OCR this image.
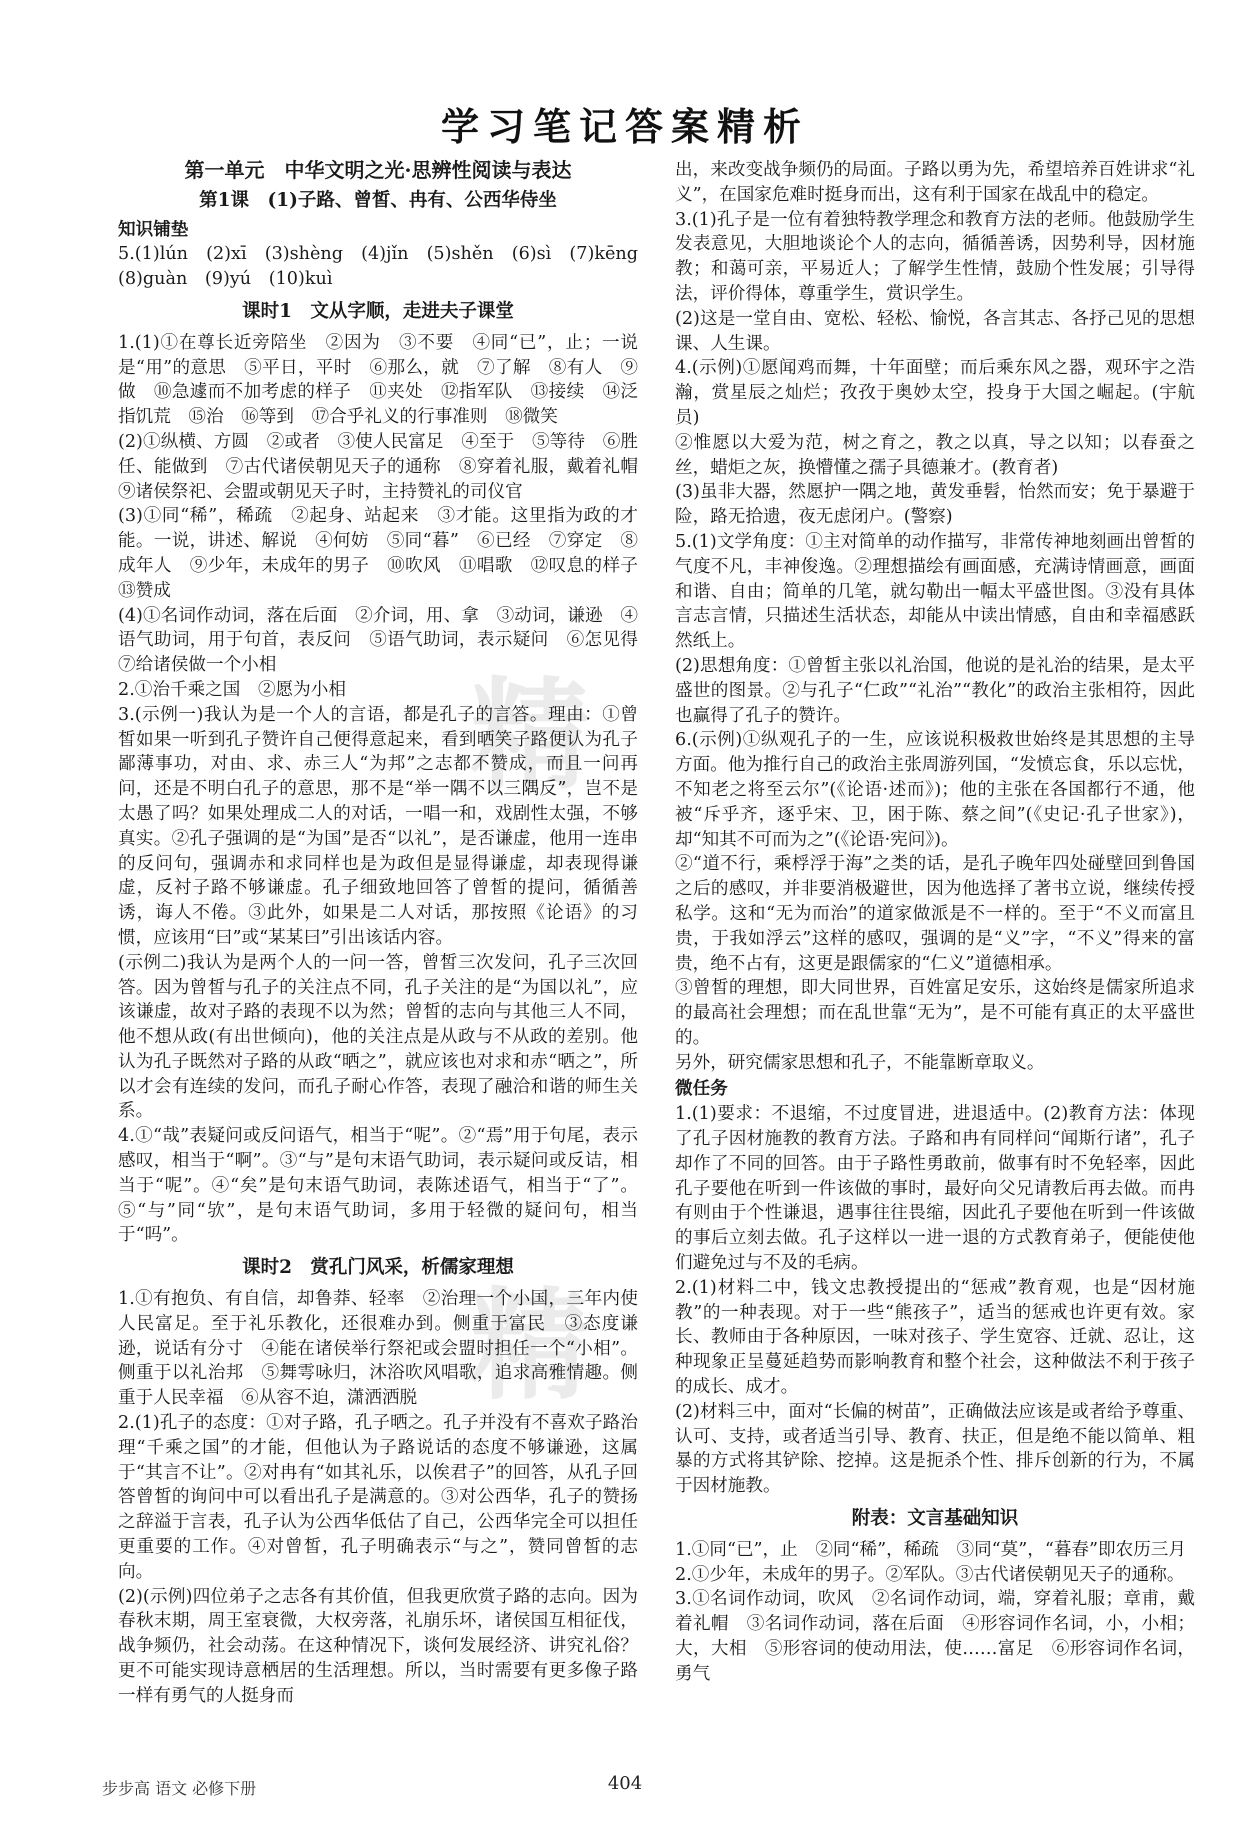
学习笔记答案精析
精
精
第一单元　中华文明之光·思辨性阅读与表达
第1课　(1)子路、曾皙、冉有、公西华侍坐
知识铺垫

5.(1)lún　(2)xī　(3)shèng　(4)jǐn　(5)shěn　(6)sì　(7)kēng　(8)guàn　(9)yú　(10)kuì

课时1　文从字顺，走进夫子课堂

1.(1)①在尊长近旁陪坐　②因为　③不要　④同“已”，止；一说是“用”的意思　⑤平日，平时　⑥那么，就　⑦了解　⑧有人　⑨做　⑩急遽而不加考虑的样子　⑪夹处　⑫指军队　⑬接续　⑭泛指饥荒　⑮治　⑯等到　⑰合乎礼义的行事准则　⑱微笑

(2)①纵横、方圆　②或者　③使人民富足　④至于　⑤等待　⑥胜任、能做到　⑦古代诸侯朝见天子的通称　⑧穿着礼服，戴着礼帽　⑨诸侯祭祀、会盟或朝见天子时，主持赞礼的司仪官

(3)①同“稀”，稀疏　②起身、站起来　③才能。这里指为政的才能。一说，讲述、解说　④何妨　⑤同“暮”　⑥已经　⑦穿定　⑧成年人　⑨少年，未成年的男子　⑩吹风　⑪唱歌　⑫叹息的样子　⑬赞成

(4)①名词作动词，落在后面　②介词，用、拿　③动词，谦逊　④语气助词，用于句首，表反问　⑤语气助词，表示疑问　⑥怎见得　⑦给诸侯做一个小相

2.①治千乘之国　②愿为小相

3.(示例一)我认为是一个人的言语，都是孔子的言答。理由：①曾皙如果一听到孔子赞许自己便得意起来，看到晒笑子路便认为孔子鄙薄事功，对由、求、赤三人“为邦”之志都不赞成，而且一问再问，还是不明白孔子的意思，那不是“举一隅不以三隅反”，岂不是太愚了吗？如果处理成二人的对话，一唱一和，戏剧性太强，不够真实。②孔子强调的是“为国”是否“以礼”，是否谦虚，他用一连串的反问句，强调赤和求同样也是为政但是显得谦虚，却表现得谦虚，反衬子路不够谦虚。孔子细致地回答了曾皙的提问，循循善诱，诲人不倦。③此外，如果是二人对话，那按照《论语》的习惯，应该用“曰”或“某某曰”引出该话内容。

(示例二)我认为是两个人的一问一答，曾皙三次发问，孔子三次回答。因为曾皙与孔子的关注点不同，孔子关注的是“为国以礼”，应该谦虚，故对子路的表现不以为然；曾皙的志向与其他三人不同，他不想从政(有出世倾向)，他的关注点是从政与不从政的差别。他认为孔子既然对子路的从政“晒之”，就应该也对求和赤“晒之”，所以才会有连续的发问，而孔子耐心作答，表现了融洽和谐的师生关系。

4.①“哉”表疑问或反问语气，相当于“呢”。②“焉”用于句尾，表示感叹，相当于“啊”。③“与”是句末语气助词，表示疑问或反诘，相当于“呢”。④“矣”是句末语气助词，表陈述语气，相当于“了”。⑤“与”同“欤”，是句末语气助词，多用于轻微的疑问句，相当于“吗”。

课时2　赏孔门风采，析儒家理想

1.①有抱负、有自信，却鲁莽、轻率　②治理一个小国，三年内使人民富足。至于礼乐教化，还很难办到。侧重于富民　③态度谦逊，说话有分寸　④能在诸侯举行祭祀或会盟时担任一个“小相”。侧重于以礼治邦　⑤舞雩咏归，沐浴吹风唱歌，追求高雅情趣。侧重于人民幸福　⑥从容不迫，潇洒洒脱

2.(1)孔子的态度：①对子路，孔子晒之。孔子并没有不喜欢子路治理“千乘之国”的才能，但他认为子路说话的态度不够谦逊，这属于“其言不让”。②对冉有“如其礼乐，以俟君子”的回答，从孔子回答曾皙的询问中可以看出孔子是满意的。③对公西华，孔子的赞扬之辞溢于言表，孔子认为公西华低估了自己，公西华完全可以担任更重要的工作。④对曾皙，孔子明确表示“与之”，赞同曾皙的志向。

(2)(示例)四位弟子之志各有其价值，但我更欣赏子路的志向。因为春秋末期，周王室衰微，大权旁落，礼崩乐坏，诸侯国互相征伐，战争频仍，社会动荡。在这种情况下，谈何发展经济、讲究礼俗？更不可能实现诗意栖居的生活理想。所以，当时需要有更多像子路一样有勇气的人挺身而

出，来改变战争频仍的局面。子路以勇为先，希望培养百姓讲求“礼义”，在国家危难时挺身而出，这有利于国家在战乱中的稳定。

3.(1)孔子是一位有着独特教学理念和教育方法的老师。他鼓励学生发表意见，大胆地谈论个人的志向，循循善诱，因势利导，因材施教；和蔼可亲，平易近人；了解学生性情，鼓励个性发展；引导得法，评价得体，尊重学生，赏识学生。

(2)这是一堂自由、宽松、轻松、愉悦，各言其志、各抒己见的思想课、人生课。

4.(示例)①愿闻鸡而舞，十年面壁；而后乘东风之器，观环宇之浩瀚，赏星辰之灿烂；孜孜于奥妙太空，投身于大国之崛起。(宇航员)

②惟愿以大爱为范，树之育之，教之以真，导之以知；以春蚕之丝，蜡炬之灰，换懵懂之孺子具德兼才。(教育者)

(3)虽非大器，然愿护一隅之地，黄发垂髫，怡然而安；免于暴避于险，路无拾遗，夜无虑闭户。(警察)

5.(1)文学角度：①主对简单的动作描写，非常传神地刻画出曾皙的气度不凡，丰神俊逸。②理想描绘有画面感，充满诗情画意，画面和谐、自由；简单的几笔，就勾勒出一幅太平盛世图。③没有具体言志言情，只描述生活状态，却能从中读出情感，自由和幸福感跃然纸上。

(2)思想角度：①曾皙主张以礼治国，他说的是礼治的结果，是太平盛世的图景。②与孔子“仁政”“礼治”“教化”的政治主张相符，因此也赢得了孔子的赞许。

6.(示例)①纵观孔子的一生，应该说积极救世始终是其思想的主导方面。他为推行自己的政治主张周游列国，“发愤忘食，乐以忘忧，不知老之将至云尔”(《论语·述而》)；他的主张在各国都行不通，他被“斥乎齐，逐乎宋、卫，困于陈、蔡之间”(《史记·孔子世家》)，却“知其不可而为之”(《论语·宪问》)。

②“道不行，乘桴浮于海”之类的话，是孔子晚年四处碰壁回到鲁国之后的感叹，并非要消极避世，因为他选择了著书立说，继续传授私学。这和“无为而治”的道家做派是不一样的。至于“不义而富且贵，于我如浮云”这样的感叹，强调的是“义”字，“不义”得来的富贵，绝不占有，这更是跟儒家的“仁义”道德相承。

③曾皙的理想，即大同世界，百姓富足安乐，这始终是儒家所追求的最高社会理想；而在乱世靠“无为”，是不可能有真正的太平盛世的。

另外，研究儒家思想和孔子，不能靠断章取义。

微任务

1.(1)要求：不退缩，不过度冒进，进退适中。(2)教育方法：体现了孔子因材施教的教育方法。子路和冉有同样问“闻斯行诸”，孔子却作了不同的回答。由于子路性勇敢前，做事有时不免轻率，因此孔子要他在听到一件该做的事时，最好向父兄请教后再去做。而冉有则由于个性谦退，遇事往往畏缩，因此孔子要他在听到一件该做的事后立刻去做。孔子这样以一进一退的方式教育弟子，便能使他们避免过与不及的毛病。

2.(1)材料二中，钱文忠教授提出的“惩戒”教育观，也是“因材施教”的一种表现。对于一些“熊孩子”，适当的惩戒也许更有效。家长、教师由于各种原因，一味对孩子、学生宽容、迁就、忍让，这种现象正呈蔓延趋势而影响教育和整个社会，这种做法不利于孩子的成长、成才。

(2)材料三中，面对“长偏的树苗”，正确做法应该是或者给予尊重、认可、支持，或者适当引导、教育、扶正，但是绝不能以简单、粗暴的方式将其铲除、挖掉。这是扼杀个性、排斥创新的行为，不属于因材施教。

附表：文言基础知识

1.①同“已”，止　②同“稀”，稀疏　③同“莫”，“暮春”即农历三月

2.①少年，未成年的男子。②军队。③古代诸侯朝见天子的通称。

3.①名词作动词，吹风　②名词作动词，端，穿着礼服；章甫，戴着礼帽　③名词作动词，落在后面　④形容词作名词，小，小相；大，大相　⑤形容词的使动用法，使……富足　⑥形容词作名词，勇气

步步高 语文 必修下册	404
